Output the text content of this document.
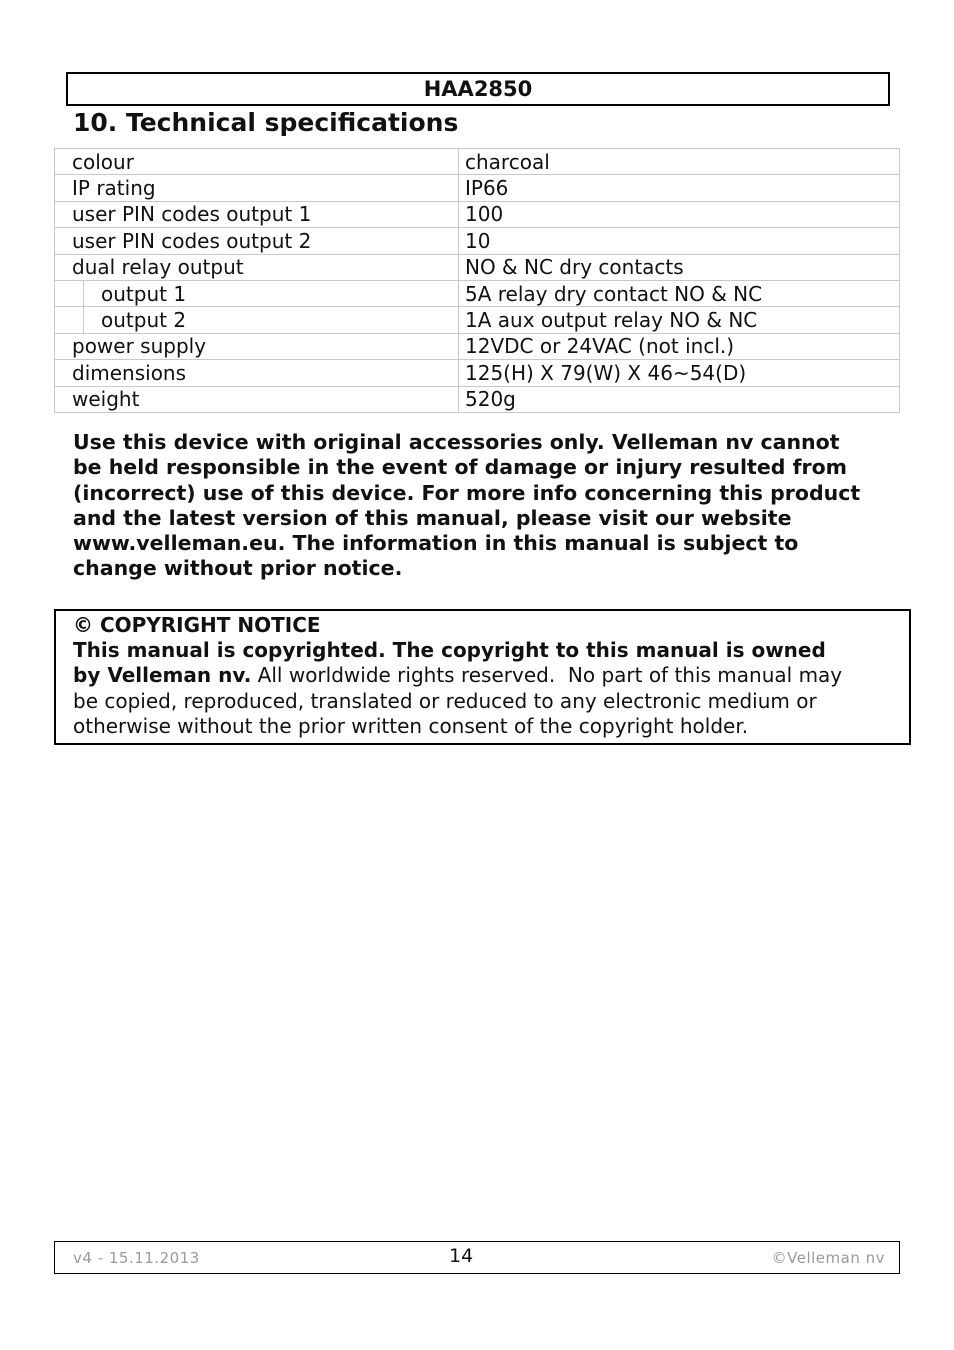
HAA2850
10. Technical specifications
colour		charcoal
IP rating		IP66
user PIN codes output 1		100
user PIN codes output 2		10
dual relay output		NO & NC dry contacts
	output 1	5A relay dry contact NO & NC
	output 2	1A aux output relay NO & NC
power supply		12VDC or 24VAC (not incl.)
dimensions		125(H) X 79(W) X 46~54(D)
weight		520g
Use this device with original accessories only. Velleman nv cannot
be held responsible in the event of damage or injury resulted from
(incorrect) use of this device. For more info concerning this product
and the latest version of this manual, please visit our website
www.velleman.eu. The information in this manual is subject to
change without prior notice.
© COPYRIGHT NOTICE
This manual is copyrighted. The copyright to this manual is owned
by Velleman nv. All worldwide rights reserved.  No part of this manual may
be copied, reproduced, translated or reduced to any electronic medium or
otherwise without the prior written consent of the copyright holder.
v4 - 15.11.2013	14	©Velleman nv
